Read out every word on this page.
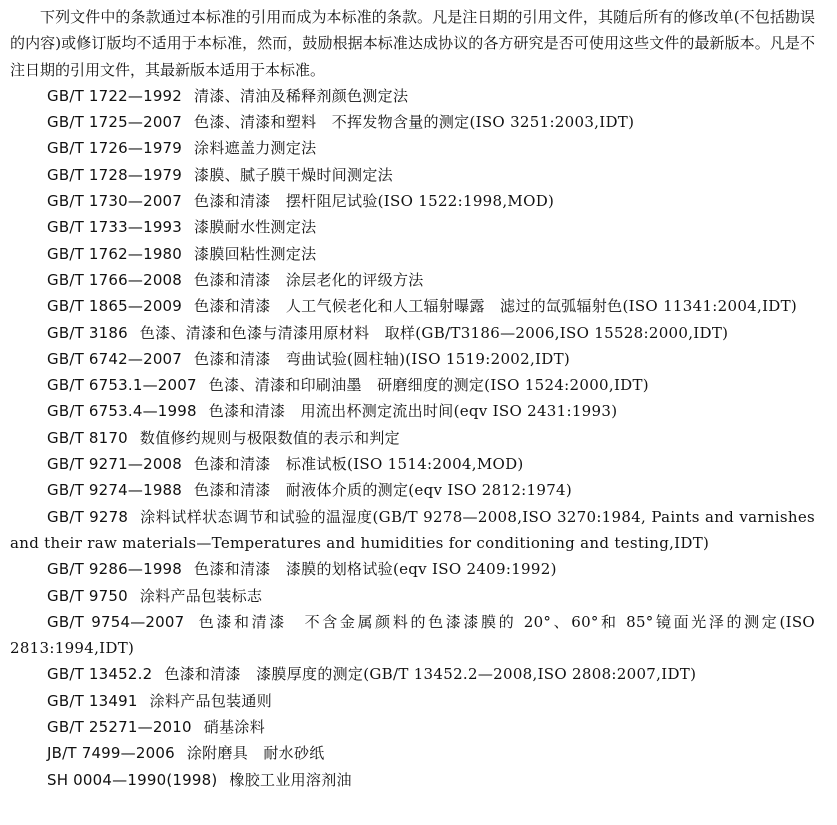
下列文件中的条款通过本标准的引用而成为本标准的条款。凡是注日期的引用文件，其随后所有的修改单(不包括勘误的内容)或修订版均不适用于本标准，然而，鼓励根据本标准达成协议的各方研究是否可使用这些文件的最新版本。凡是不注日期的引用文件，其最新版本适用于本标准。

GB/T 1722—1992 清漆、清油及稀释剂颜色测定法

GB/T 1725—2007 色漆、清漆和塑料　不挥发物含量的测定(ISO 3251:2003,IDT)

GB/T 1726—1979 涂料遮盖力测定法

GB/T 1728—1979 漆膜、腻子膜干燥时间测定法

GB/T 1730—2007 色漆和清漆　摆杆阻尼试验(ISO 1522:1998,MOD)

GB/T 1733—1993 漆膜耐水性测定法

GB/T 1762—1980 漆膜回粘性测定法

GB/T 1766—2008 色漆和清漆　涂层老化的评级方法

GB/T 1865—2009 色漆和清漆　人工气候老化和人工辐射曝露　滤过的氙弧辐射色(ISO 11341:2004,IDT)

GB/T 3186 色漆、清漆和色漆与清漆用原材料　取样(GB/T3186—2006,ISO 15528:2000,IDT)

GB/T 6742—2007 色漆和清漆　弯曲试验(圆柱轴)(ISO 1519:2002,IDT)

GB/T 6753.1—2007 色漆、清漆和印刷油墨　研磨细度的测定(ISO 1524:2000,IDT)

GB/T 6753.4—1998 色漆和清漆　用流出杯测定流出时间(eqv ISO 2431:1993)

GB/T 8170 数值修约规则与极限数值的表示和判定

GB/T 9271—2008 色漆和清漆　标准试板(ISO 1514:2004,MOD)

GB/T 9274—1988 色漆和清漆　耐液体介质的测定(eqv ISO 2812:1974)

GB/T 9278 涂料试样状态调节和试验的温湿度(GB/T 9278—2008,ISO 3270:1984, Paints and varnishes and their raw materials—Temperatures and humidities for conditioning and testing,IDT)

GB/T 9286—1998 色漆和清漆　漆膜的划格试验(eqv ISO 2409:1992)

GB/T 9750 涂料产品包装标志

GB/T 9754—2007 色漆和清漆　不含金属颜料的色漆漆膜的 20°、60°和 85°镜面光泽的测定(ISO 2813:1994,IDT)

GB/T 13452.2 色漆和清漆　漆膜厚度的测定(GB/T 13452.2—2008,ISO 2808:2007,IDT)

GB/T 13491 涂料产品包装通则

GB/T 25271—2010 硝基涂料

JB/T 7499—2006 涂附磨具　耐水砂纸

SH 0004—1990(1998) 橡胶工业用溶剂油
